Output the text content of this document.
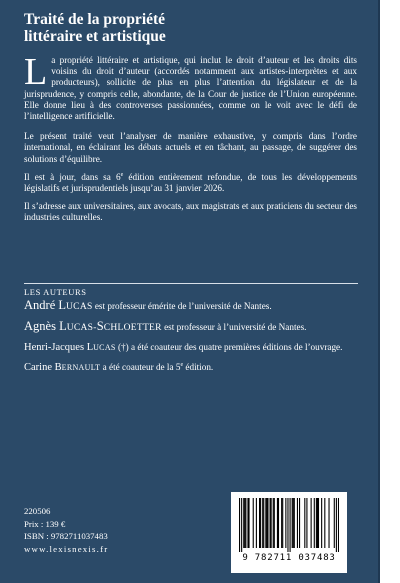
Traité de la propriété
littéraire et artistique

La propriété littéraire et artistique, qui inclut le droit d’auteur et les droits dits voisins du droit d’auteur (accordés notamment aux artistes-interprètes et aux producteurs), sollicite de plus en plus l’attention du législateur et de la jurisprudence, y compris celle, abondante, de la Cour de justice de l’Union européenne. Elle donne lieu à des controverses passionnées, comme on le voit avec le défi de l’intelligence artificielle.

Le présent traité veut l’analyser de manière exhaustive, y compris dans l’ordre international, en éclairant les débats actuels et en tâchant, au passage, de suggérer des solutions d’équilibre.

Il est à jour, dans sa 6e édition entièrement refondue, de tous les développements législatifs et jurisprudentiels jusqu’au 31 janvier 2026.

Il s’adresse aux universitaires, aux avocats, aux magistrats et aux praticiens du secteur des industries culturelles.

LES AUTEURS

André LUCAS est professeur émérite de l’université de Nantes.

Agnès LUCAS-SCHLOETTER est professeur à l’université de Nantes.

Henri-Jacques LUCAS (†) a été coauteur des quatre premières éditions de l’ouvrage.

Carine BERNAULT a été coauteur de la 5e édition.

220506
Prix : 139 €
ISBN : 9782711037483
www.lexisnexis.fr
9 782711 037483
